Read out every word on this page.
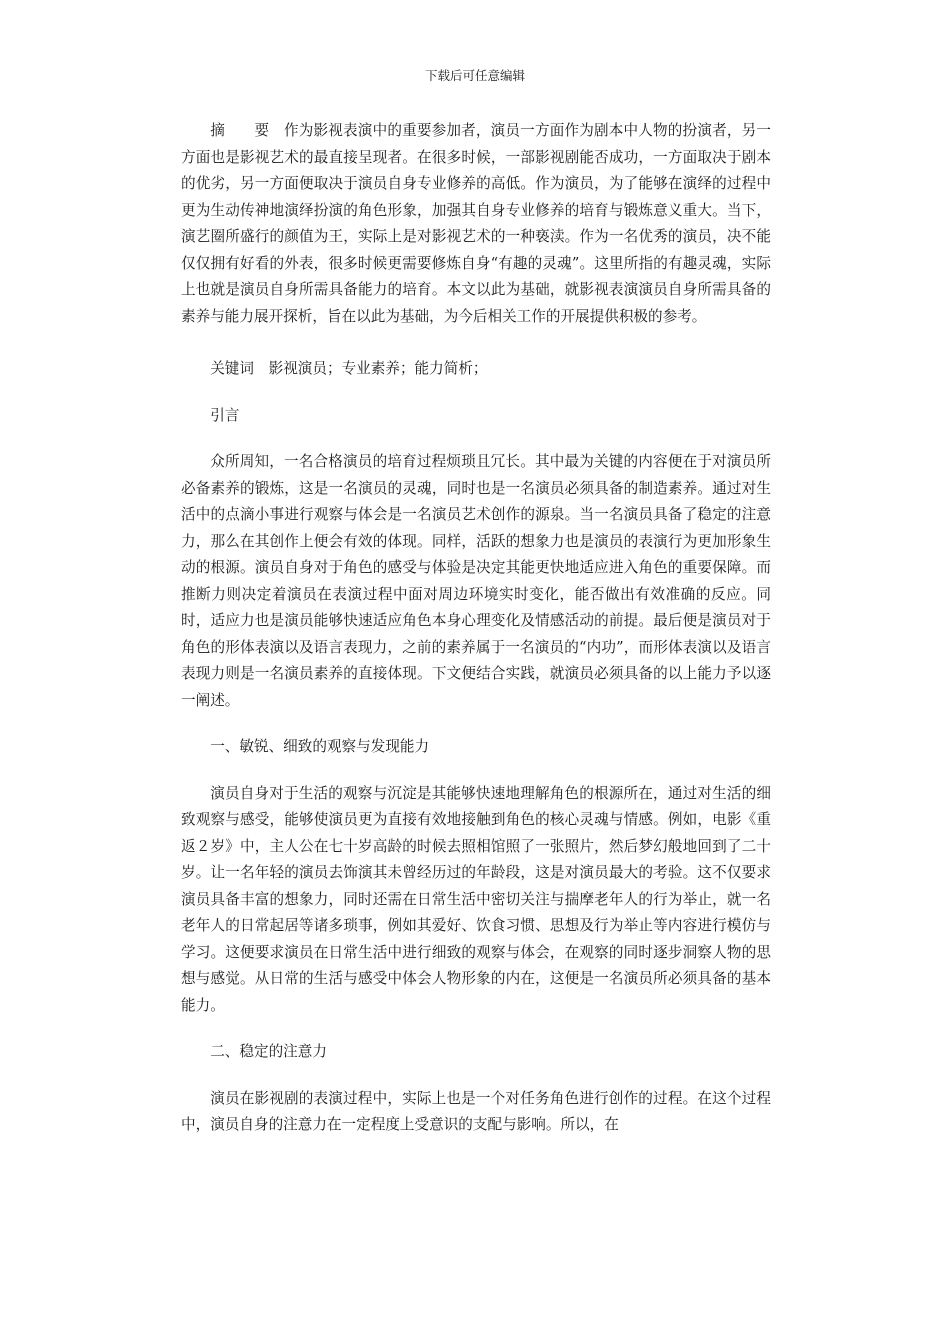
下载后可任意编辑

摘　　要　 作为影视表演中的重要参加者，演员一方面作为剧本中人物的扮演者，另一方面也是影视艺术的最直接呈现者。在很多时候，一部影视剧能否成功，一方面取决于剧本的优劣，另一方面便取决于演员自身专业修养的高低。作为演员，为了能够在演绎的过程中更为生动传神地演绎扮演的角色形象，加强其自身专业修养的培育与锻炼意义重大。当下，演艺圈所盛行的颜值为王，实际上是对影视艺术的一种亵渎。作为一名优秀的演员，决不能仅仅拥有好看的外表，很多时候更需要修炼自身“有趣的灵魂”。这里所指的有趣灵魂，实际上也就是演员自身所需具备能力的培育。本文以此为基础，就影视表演演员自身所需具备的素养与能力展开探析，旨在以此为基础，为今后相关工作的开展提供积极的参考。

关键词　 影视演员；专业素养；能力简析；

引言

众所周知，一名合格演员的培育过程烦琐且冗长。其中最为关键的内容便在于对演员所必备素养的锻炼，这是一名演员的灵魂，同时也是一名演员必须具备的制造素养。通过对生活中的点滴小事进行观察与体会是一名演员艺术创作的源泉。当一名演员具备了稳定的注意力，那么在其创作上便会有效的体现。同样，活跃的想象力也是演员的表演行为更加形象生动的根源。演员自身对于角色的感受与体验是决定其能更快地适应进入角色的重要保障。而推断力则决定着演员在表演过程中面对周边环境实时变化，能否做出有效准确的反应。同时，适应力也是演员能够快速适应角色本身心理变化及情感活动的前提。最后便是演员对于角色的形体表演以及语言表现力，之前的素养属于一名演员的“内功”，而形体表演以及语言表现力则是一名演员素养的直接体现。下文便结合实践，就演员必须具备的以上能力予以逐一阐述。

一、敏锐、细致的观察与发现能力

演员自身对于生活的观察与沉淀是其能够快速地理解角色的根源所在，通过对生活的细致观察与感受，能够使演员更为直接有效地接触到角色的核心灵魂与情感。例如，电影《重返２岁》中，主人公在七十岁高龄的时候去照相馆照了一张照片，然后梦幻般地回到了二十岁。让一名年轻的演员去饰演其未曾经历过的年龄段，这是对演员最大的考验。这不仅要求演员具备丰富的想象力，同时还需在日常生活中密切关注与揣摩老年人的行为举止，就一名老年人的日常起居等诸多琐事，例如其爱好、饮食习惯、思想及行为举止等内容进行模仿与学习。这便要求演员在日常生活中进行细致的观察与体会，在观察的同时逐步洞察人物的思想与感觉。从日常的生活与感受中体会人物形象的内在，这便是一名演员所必须具备的基本能力。

二、稳定的注意力

演员在影视剧的表演过程中，实际上也是一个对任务角色进行创作的过程。在这个过程中，演员自身的注意力在一定程度上受意识的支配与影响。所以，在
